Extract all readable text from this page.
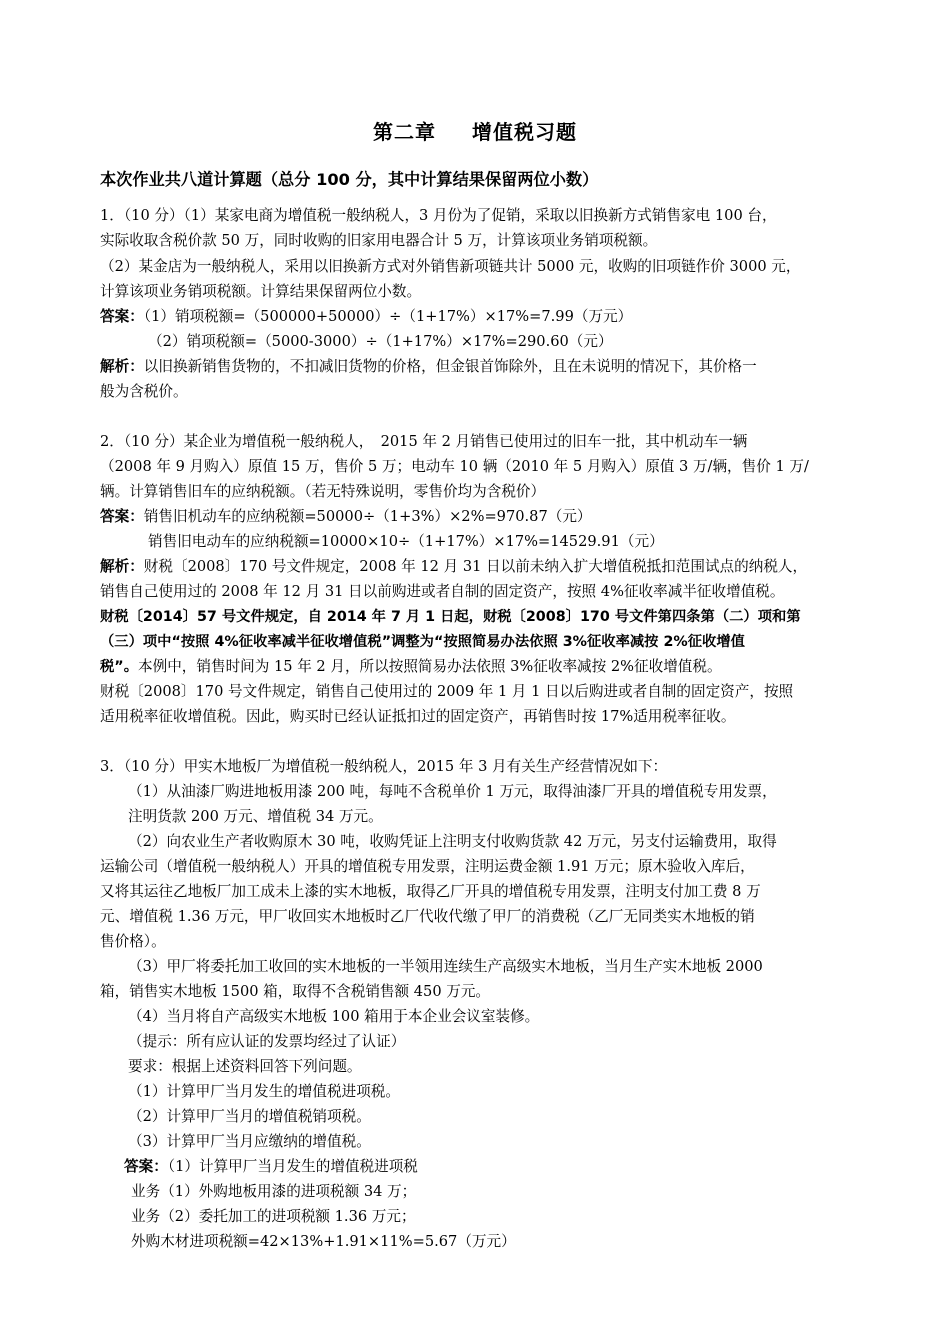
第二章 增值税习题
本次作业共八道计算题（总分 100 分，其中计算结果保留两位小数）
1．（10 分）（1）某家电商为增值税一般纳税人，3 月份为了促销，采取以旧换新方式销售家电 100 台，
实际收取含税价款 50 万，同时收购的旧家用电器合计 5 万，计算该项业务销项税额。
（2）某金店为一般纳税人，采用以旧换新方式对外销售新项链共计 5000 元，收购的旧项链作价 3000 元，
计算该项业务销项税额。计算结果保留两位小数。
答案：（1）销项税额=（500000+50000）÷（1+17%）×17%=7.99（万元）
（2）销项税额=（5000-3000）÷（1+17%）×17%=290.60（元）
解析：以旧换新销售货物的，不扣减旧货物的价格，但金银首饰除外，且在未说明的情况下，其价格一
般为含税价。
2．（10 分）某企业为增值税一般纳税人，　2015 年 2 月销售已使用过的旧车一批，其中机动车一辆
（2008 年 9 月购入）原值 15 万，售价 5 万；电动车 10 辆（2010 年 5 月购入）原值 3 万/辆，售价 1 万/
辆。计算销售旧车的应纳税额。（若无特殊说明，零售价均为含税价）
答案：销售旧机动车的应纳税额=50000÷（1+3%）×2%=970.87（元）
销售旧电动车的应纳税额=10000×10÷（1+17%）×17%=14529.91（元）
解析：财税〔2008〕170 号文件规定，2008 年 12 月 31 日以前未纳入扩大增值税抵扣范围试点的纳税人，
销售自己使用过的 2008 年 12 月 31 日以前购进或者自制的固定资产，按照 4%征收率减半征收增值税。
财税〔2014〕57 号文件规定，自 2014 年 7 月 1 日起，财税〔2008〕170 号文件第四条第（二）项和第
（三）项中“按照 4%征收率减半征收增值税”调整为“按照简易办法依照 3%征收率减按 2%征收增值
税”。本例中，销售时间为 15 年 2 月，所以按照简易办法依照 3%征收率减按 2%征收增值税。
财税〔2008〕170 号文件规定，销售自己使用过的 2009 年 1 月 1 日以后购进或者自制的固定资产，按照
适用税率征收增值税。因此，购买时已经认证抵扣过的固定资产，再销售时按 17%适用税率征收。
3．（10 分）甲实木地板厂为增值税一般纳税人，2015 年 3 月有关生产经营情况如下：
（1）从油漆厂购进地板用漆 200 吨，每吨不含税单价 1 万元，取得油漆厂开具的增值税专用发票，
注明货款 200 万元、增值税 34 万元。
（2）向农业生产者收购原木 30 吨，收购凭证上注明支付收购货款 42 万元，另支付运输费用，取得
运输公司（增值税一般纳税人）开具的增值税专用发票，注明运费金额 1.91 万元；原木验收入库后，
又将其运往乙地板厂加工成未上漆的实木地板，取得乙厂开具的增值税专用发票，注明支付加工费 8 万
元、增值税 1.36 万元，甲厂收回实木地板时乙厂代收代缴了甲厂的消费税（乙厂无同类实木地板的销
售价格）。
（3）甲厂将委托加工收回的实木地板的一半领用连续生产高级实木地板，当月生产实木地板 2000
箱，销售实木地板 1500 箱，取得不含税销售额 450 万元。
（4）当月将自产高级实木地板 100 箱用于本企业会议室装修。
（提示：所有应认证的发票均经过了认证）
要求：根据上述资料回答下列问题。
（1）计算甲厂当月发生的增值税进项税。
（2）计算甲厂当月的增值税销项税。
（3）计算甲厂当月应缴纳的增值税。
答案：（1）计算甲厂当月发生的增值税进项税
业务（1）外购地板用漆的进项税额 34 万；
业务（2）委托加工的进项税额 1.36 万元；
外购木材进项税额=42×13%+1.91×11%=5.67（万元）
